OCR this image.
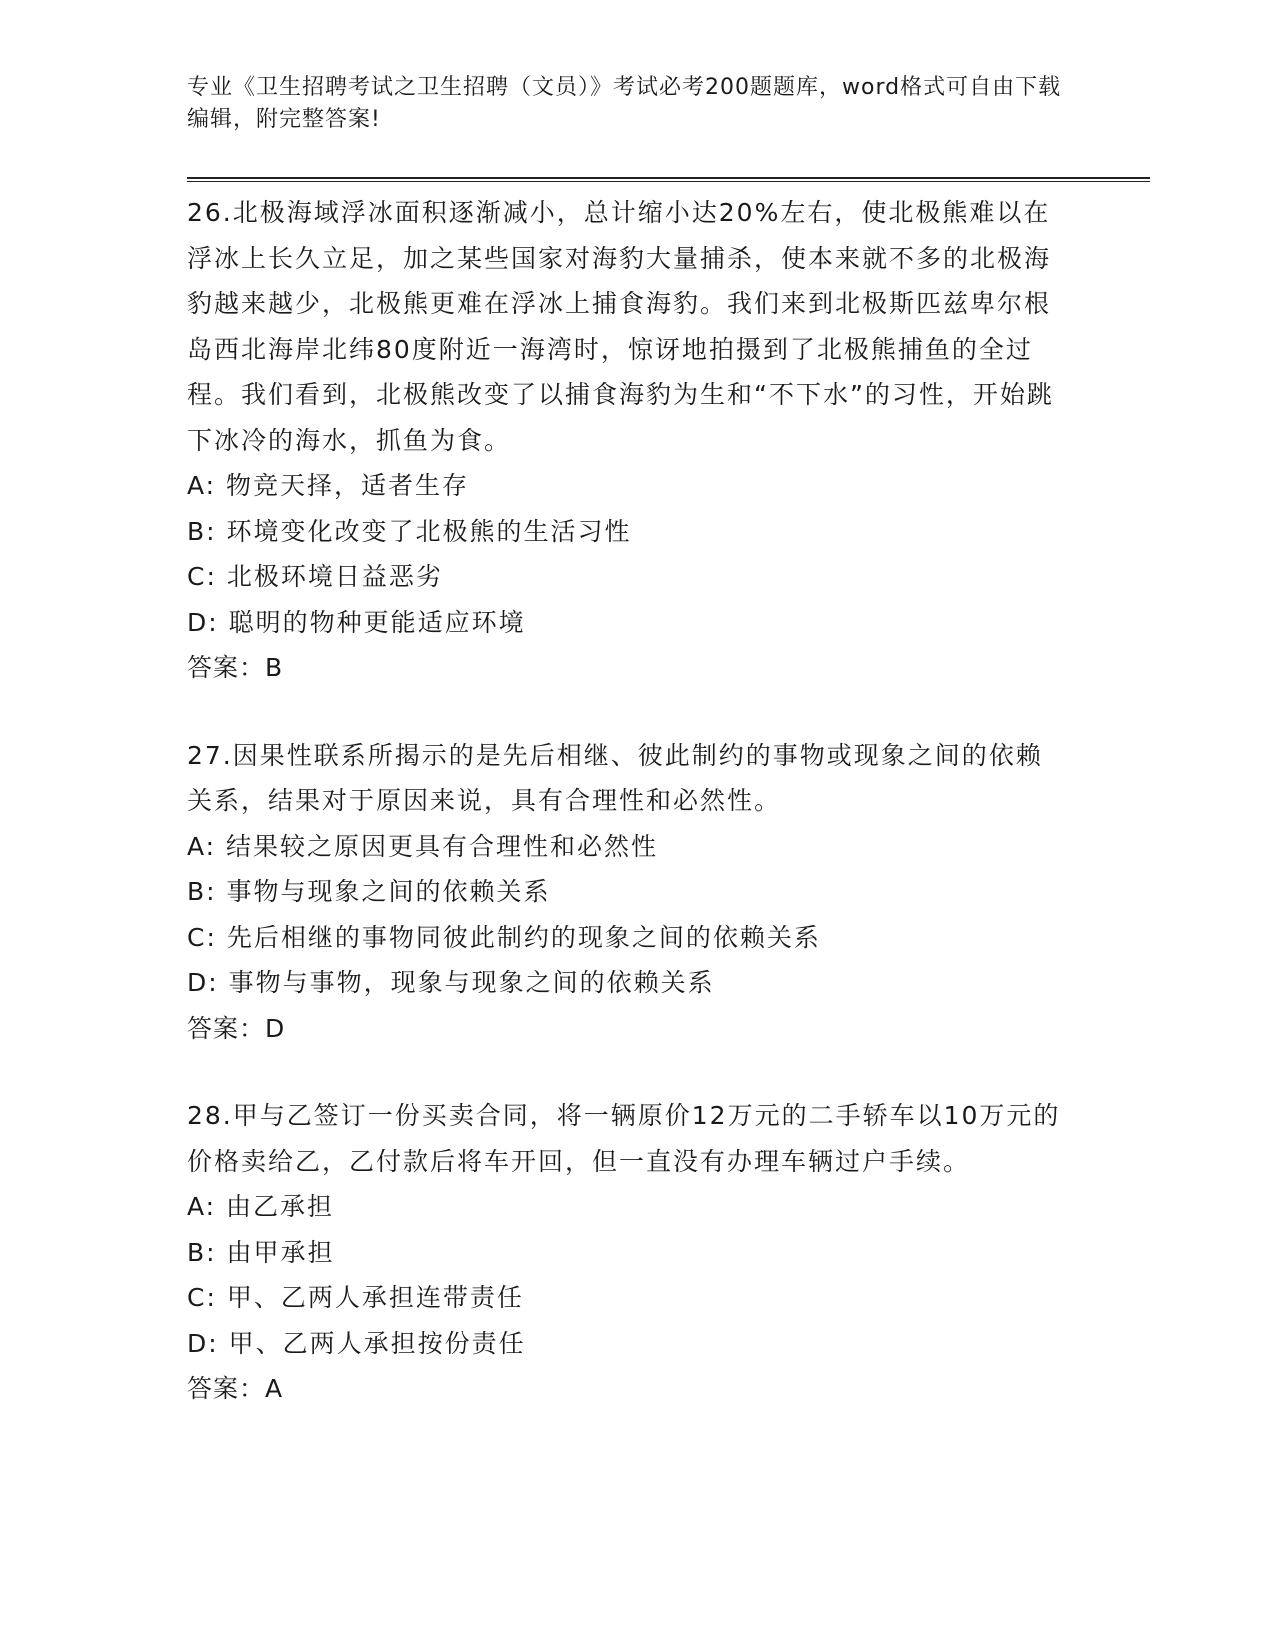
专业《卫生招聘考试之卫生招聘（文员）》考试必考200题题库，word格式可自由下载编辑，附完整答案!

26.北极海域浮冰面积逐渐减小，总计缩小达20%左右，使北极熊难以在浮冰上长久立足，加之某些国家对海豹大量捕杀，使本来就不多的北极海豹越来越少，北极熊更难在浮冰上捕食海豹。我们来到北极斯匹兹卑尔根岛西北海岸北纬80度附近一海湾时，惊讶地拍摄到了北极熊捕鱼的全过程。我们看到，北极熊改变了以捕食海豹为生和“不下水”的习性，开始跳下冰冷的海水，抓鱼为食。

A: 物竞天择，适者生存

B: 环境变化改变了北极熊的生活习性

C: 北极环境日益恶劣

D: 聪明的物种更能适应环境

答案：B

27.因果性联系所揭示的是先后相继、彼此制约的事物或现象之间的依赖关系，结果对于原因来说，具有合理性和必然性。

A: 结果较之原因更具有合理性和必然性

B: 事物与现象之间的依赖关系

C: 先后相继的事物同彼此制约的现象之间的依赖关系

D: 事物与事物，现象与现象之间的依赖关系

答案：D

28.甲与乙签订一份买卖合同，将一辆原价12万元的二手轿车以10万元的价格卖给乙，乙付款后将车开回，但一直没有办理车辆过户手续。

A: 由乙承担

B: 由甲承担

C: 甲、乙两人承担连带责任

D: 甲、乙两人承担按份责任

答案：A
